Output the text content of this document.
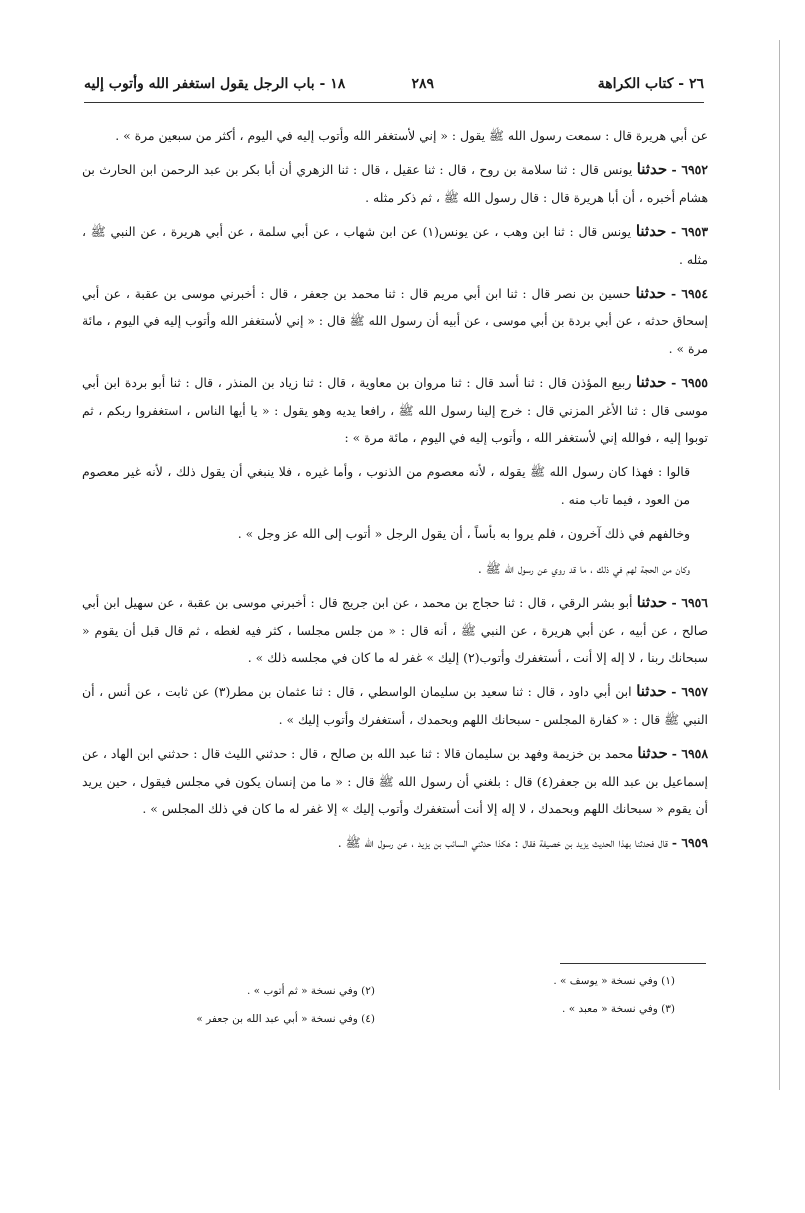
٢٦ - كتاب الكراهة
٢٨٩
١٨ - باب الرجل يقول استغفر الله وأتوب إليه

عن أبي هريرة قال : سمعت رسول الله ﷺ يقول : « إني لأستغفر الله وأتوب إليه في اليوم ، أكثر من سبعين مرة » .

٦٩٥٢ - حدثنا يونس قال : ثنا سلامة بن روح ، قال : ثنا عقيل ، قال : ثنا الزهري أن أبا بكر بن عبد الرحمن ابن الحارث بن هشام أخبره ، أن أبا هريرة قال : قال رسول الله ﷺ ، ثم ذكر مثله .

٦٩٥٣ - حدثنا يونس قال : ثنا ابن وهب ، عن يونس(١) عن ابن شهاب ، عن أبي سلمة ، عن أبي هريرة ، عن النبي ﷺ ، مثله .

٦٩٥٤ - حدثنا حسين بن نصر قال : ثنا ابن أبي مريم قال : ثنا محمد بن جعفر ، قال : أخبرني موسى بن عقبة ، عن أبي إسحاق حدثه ، عن أبي بردة بن أبي موسى ، عن أبيه أن رسول الله ﷺ قال : « إني لأستغفر الله وأتوب إليه في اليوم ، مائة مرة » .

٦٩٥٥ - حدثنا ربيع المؤذن قال : ثنا أسد قال : ثنا مروان بن معاوية ، قال : ثنا زياد بن المنذر ، قال : ثنا أبو بردة ابن أبي موسى قال : ثنا الأغر المزني قال : خرج إلينا رسول الله ﷺ ، رافعا يديه وهو يقول : « يا أيها الناس ، استغفروا ربكم ، ثم توبوا إليه ، فوالله إني لأستغفر الله ، وأتوب إليه في اليوم ، مائة مرة » :

قالوا : فهذا كان رسول الله ﷺ يقوله ، لأنه معصوم من الذنوب ، وأما غيره ، فلا ينبغي أن يقول ذلك ، لأنه غير معصوم من العود ، فيما تاب منه .

وخالفهم في ذلك آخرون ، فلم يروا به بأساً ، أن يقول الرجل « أتوب إلى الله عز وجل » .

وكان من الحجة لهم في ذلك ، ما قد روي عن رسول الله ﷺ .

٦٩٥٦ - حدثنا أبو بشر الرقي ، قال : ثنا حجاج بن محمد ، عن ابن جريج قال : أخبرني موسى بن عقبة ، عن سهيل ابن أبي صالح ، عن أبيه ، عن أبي هريرة ، عن النبي ﷺ ، أنه قال : « من جلس مجلسا ، كثر فيه لغطه ، ثم قال قبل أن يقوم « سبحانك ربنا ، لا إله إلا أنت ، أستغفرك وأتوب(٢) إليك » غفر له ما كان في مجلسه ذلك » .

٦٩٥٧ - حدثنا ابن أبي داود ، قال : ثنا سعيد بن سليمان الواسطي ، قال : ثنا عثمان بن مطر(٣) عن ثابت ، عن أنس ، أن النبي ﷺ قال : « كفارة المجلس - سبحانك اللهم وبحمدك ، أستغفرك وأتوب إليك » .

٦٩٥٨ - حدثنا محمد بن خزيمة وفهد بن سليمان قالا : ثنا عبد الله بن صالح ، قال : حدثني الليث قال : حدثني ابن الهاد ، عن إسماعيل بن عبد الله بن جعفر(٤) قال : بلغني أن رسول الله ﷺ قال : « ما من إنسان يكون في مجلس فيقول ، حين يريد أن يقوم « سبحانك اللهم وبحمدك ، لا إله إلا أنت أستغفرك وأتوب إليك » إلا غفر له ما كان في ذلك المجلس » .

٦٩٥٩ - قال فحدثنا بهذا الحديث يزيد بن خصيفة فقال : هكذا حدثني السائب بن يزيد ، عن رسول الله ﷺ .

(١) وفي نسخة « يوسف » .
(٢) وفي نسخة « ثم أتوب » .
(٣) وفي نسخة « معبد » .
(٤) وفي نسخة « أبي عبد الله بن جعفر »
